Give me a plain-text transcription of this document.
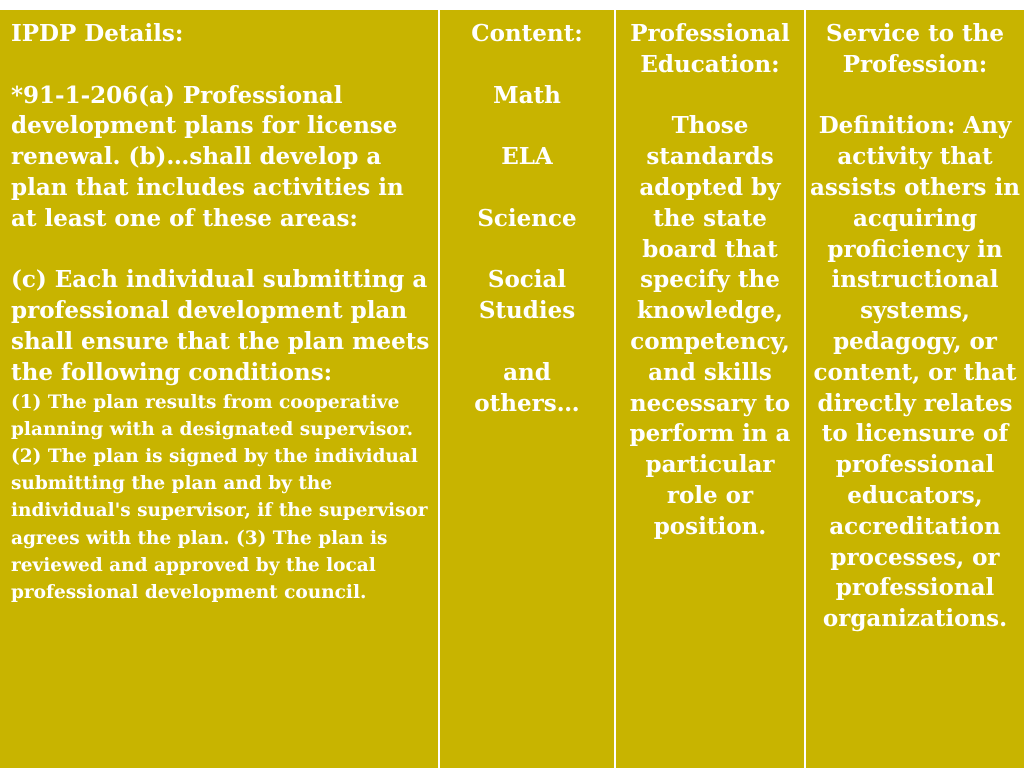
IPDP Details:

*91-1-206(a) Professional development plans for license renewal. (b)…shall develop a plan that includes activities in at least one of these areas:

(c) Each individual submitting a professional development plan shall ensure that the plan meets the following conditions:

(1) The plan results from cooperative planning with a designated supervisor. (2) The plan is signed by the individual submitting the plan and by the individual's supervisor, if the supervisor agrees with the plan. (3) The plan is reviewed and approved by the local professional development council.

Content:

Math

ELA

Science

Social Studies

and others…

Professional Education:

Those standards adopted by the state board that specify the knowledge, competency, and skills necessary to perform in a particular role or position.

Service to the Profession:

Definition: Any activity that assists others in acquiring proficiency in instructional systems, pedagogy, or content, or that directly relates to licensure of professional educators, accreditation processes, or professional organizations.
